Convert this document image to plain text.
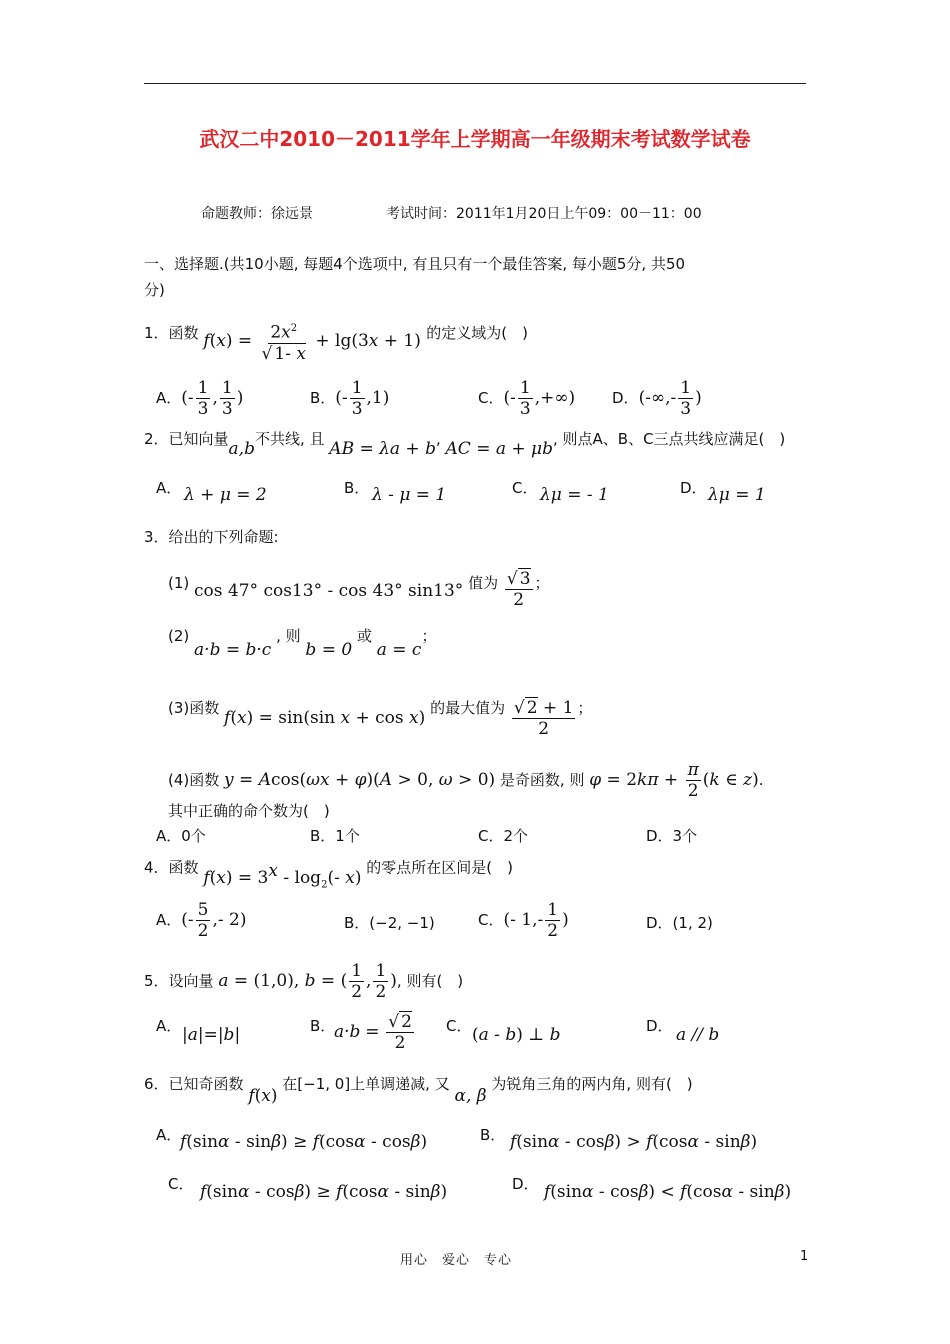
武汉二中2010－2011学年上学期高一年级期末考试数学试卷
命题教师：徐远景	考试时间：2011年1月20日上午09：00－11：00
一、选择题.(共10小题, 每题4个选项中, 有且只有一个最佳答案, 每小题5分, 共50
分)
1．函数 $f(x) = \frac{2x^2}{√ 1- x} + \lg(3x + 1)$ 的定义域为(　)
A．(- $\frac{1}{3}$ , $\frac{1}{3}$ )	B．(- $\frac{1}{3} ,1$)	C．(- $\frac{1}{3}$ ,+∞) D．(-∞,- $\frac{1}{3}$ )
2．已知向量a,b不共线, 且 AB = λa + b, AC = a + μb, 则点A、B、C三点共线应满足(　)
A． λ + μ = 2	B． λ - μ = 1	C． λμ = - 1	D． λμ = 1
3．给出的下列命题:
(1) cos 47° cos13° - cos 43° sin13° 值为 $\frac{√ 3}{2}$ ；
(2) a·b = b·c , 则 b = 0 或 a = c；
(3)函数 f(x) = sin(sin x + cos x) 的最大值为 $\frac{√ 2 + 1}{2}$ ；
(4)函数 y = Acos(ωx + φ)(A > 0, ω > 0) 是奇函数, 则 $\varphi = 2k\pi + \frac{\pi}{2} (k$ ∈ z).
其中正确的命个数为(　)
A．0个	B．1个	C．2个	D．3个
4．函数 $f(x) = 3^x - \log_2(-$ x) 的零点所在区间是(　)
A．(- $\frac{5}{2}$ ,- 2)	B．(−2, −1)	C．(- $1,- \frac{1}{2}$ )	D．(1, 2)
5．设向量 a = (1,0), b = ( $\frac{1}{2}$ , $\frac{1}{2}$ ), 则有(　)
A． |a|=|b|	B．
$a\cdot b = \frac{√ 2}{2}$ C． (a - b) ⊥ b	D． a // b
6．已知奇函数 f(x) 在[−1, 0]上单调递减, 又 α, β 为锐角三角的两内角, 则有(　)
A．
f(sinα - sinβ) ≥ f(cosα - cosβ)	B． f(sinα - cosβ) > f(cosα - sinβ)
C． f(sinα - cosβ) ≥ f(cosα - sinβ)	D． f(sinα - cosβ) < f(cosα - sinβ)
用心　爱心　专心	1
